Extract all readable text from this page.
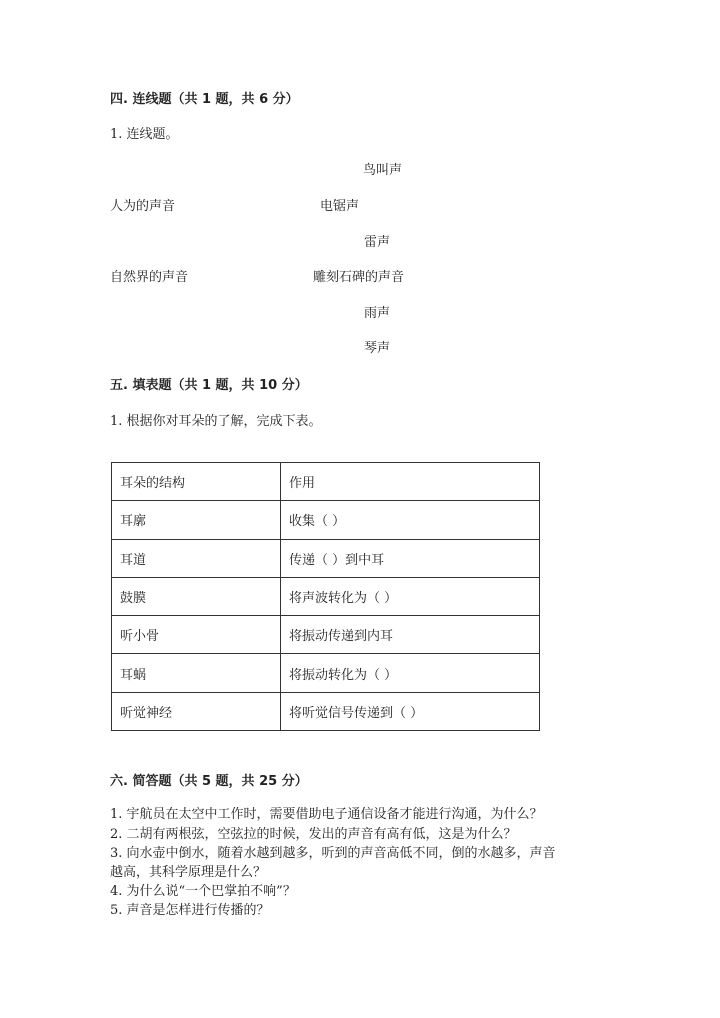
四. 连线题（共 1 题，共 6 分）
1. 连线题。
鸟叫声
人为的声音	电锯声
雷声
自然界的声音	雕刻石碑的声音
雨声
琴声
五. 填表题（共 1 题，共 10 分）
1. 根据你对耳朵的了解，完成下表。
耳朵的结构	作用
耳廓	收集（ ）
耳道	传递（ ）到中耳
鼓膜	将声波转化为（ ）
听小骨	将振动传递到内耳
耳蜗	将振动转化为（ ）
听觉神经	将听觉信号传递到（ ）
六. 简答题（共 5 题，共 25 分）
1. 宇航员在太空中工作时，需要借助电子通信设备才能进行沟通，为什么？
2. 二胡有两根弦，空弦拉的时候，发出的声音有高有低，这是为什么？
3. 向水壶中倒水，随着水越到越多，听到的声音高低不同，倒的水越多，声音
越高，其科学原理是什么？
4. 为什么说“一个巴掌拍不响”？
5. 声音是怎样进行传播的？
